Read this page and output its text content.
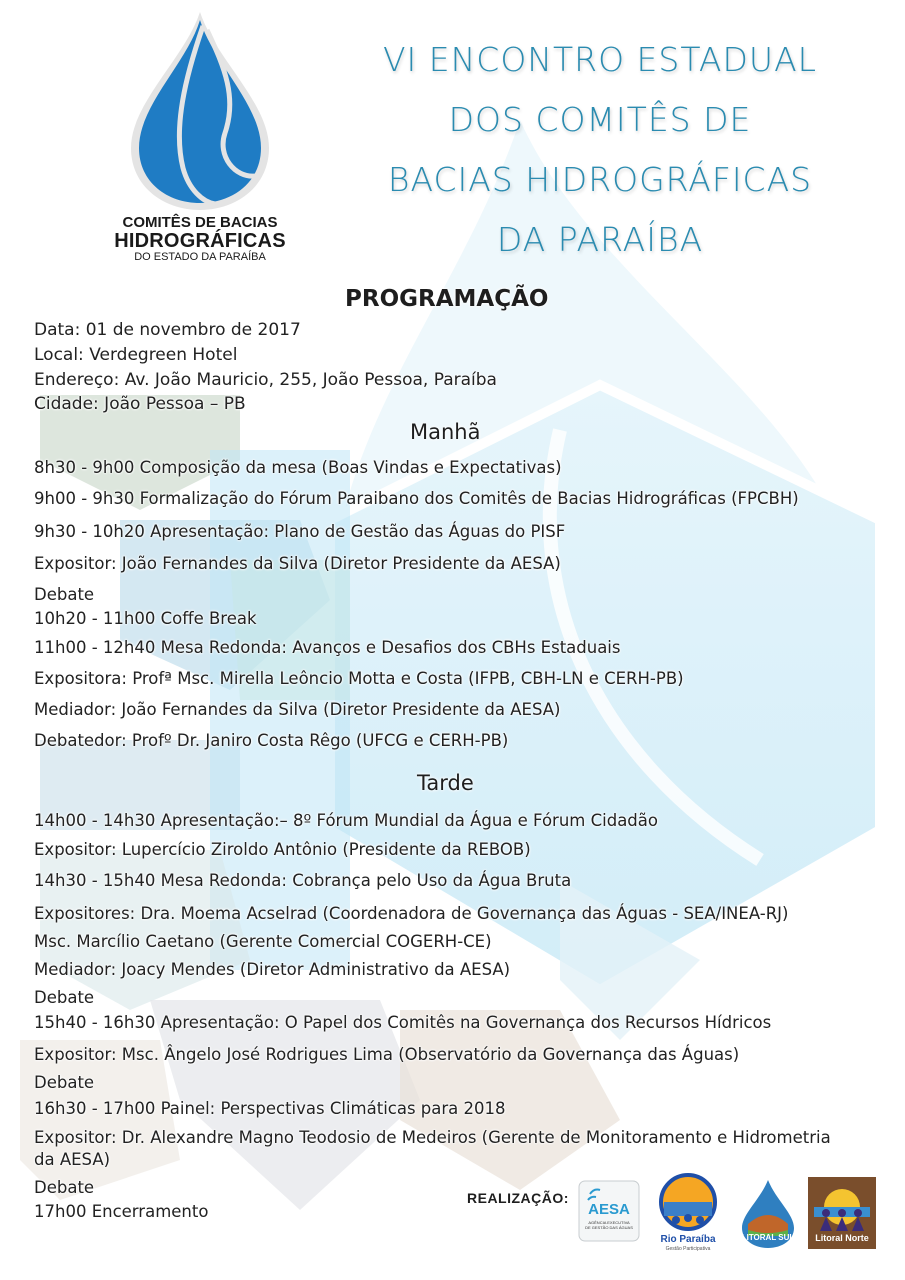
COMITÊS DE BACIAS
HIDROGRÁFICAS
DO ESTADO DA PARAÍBA
VI ENCONTRO ESTADUAL
DOS COMITÊS DE
BACIAS HIDROGRÁFICAS
DA PARAÍBA
PROGRAMAÇÃO
Data: 01 de novembro de 2017
Local: Verdegreen Hotel
Endereço: Av. João Mauricio, 255, João Pessoa, Paraíba
Cidade: João Pessoa – PB
Manhã
8h30 - 9h00 Composição da mesa (Boas Vindas e Expectativas)
9h00 - 9h30 Formalização do Fórum Paraibano dos Comitês de Bacias Hidrográficas (FPCBH)
9h30 - 10h20 Apresentação: Plano de Gestão das Águas do PISF
Expositor: João Fernandes da Silva (Diretor Presidente da AESA)
Debate
10h20 - 11h00 Coffe Break
11h00 - 12h40 Mesa Redonda: Avanços e Desafios dos CBHs Estaduais
Expositora: Profª Msc. Mirella Leôncio Motta e Costa (IFPB, CBH-LN e CERH-PB)
Mediador: João Fernandes da Silva (Diretor Presidente da AESA)
Debatedor: Profº Dr. Janiro Costa Rêgo (UFCG e CERH-PB)
Tarde
14h00 - 14h30 Apresentação:– 8º Fórum Mundial da Água e Fórum Cidadão
Expositor: Lupercício Ziroldo Antônio (Presidente da REBOB)
14h30 - 15h40 Mesa Redonda: Cobrança pelo Uso da Água Bruta
Expositores: Dra. Moema Acselrad (Coordenadora de Governança das Águas - SEA/INEA-RJ)
Msc. Marcílio Caetano (Gerente Comercial COGERH-CE)
Mediador: Joacy Mendes (Diretor Administrativo da AESA)
Debate
15h40 - 16h30 Apresentação: O Papel dos Comitês na Governança dos Recursos Hídricos
Expositor: Msc. Ângelo José Rodrigues Lima (Observatório da Governança das Águas)
Debate
16h30 - 17h00 Painel: Perspectivas Climáticas para 2018
Expositor: Dr. Alexandre Magno Teodosio de Medeiros (Gerente de Monitoramento e Hidrometria
da AESA)
Debate
17h00 Encerramento
REALIZAÇÃO:
AESA
AGÊNCIA EXECUTIVA
DE GESTÃO DAS ÁGUAS
Rio Paraíba
Gestão Participativa
LITORAL SUL Litoral Norte
